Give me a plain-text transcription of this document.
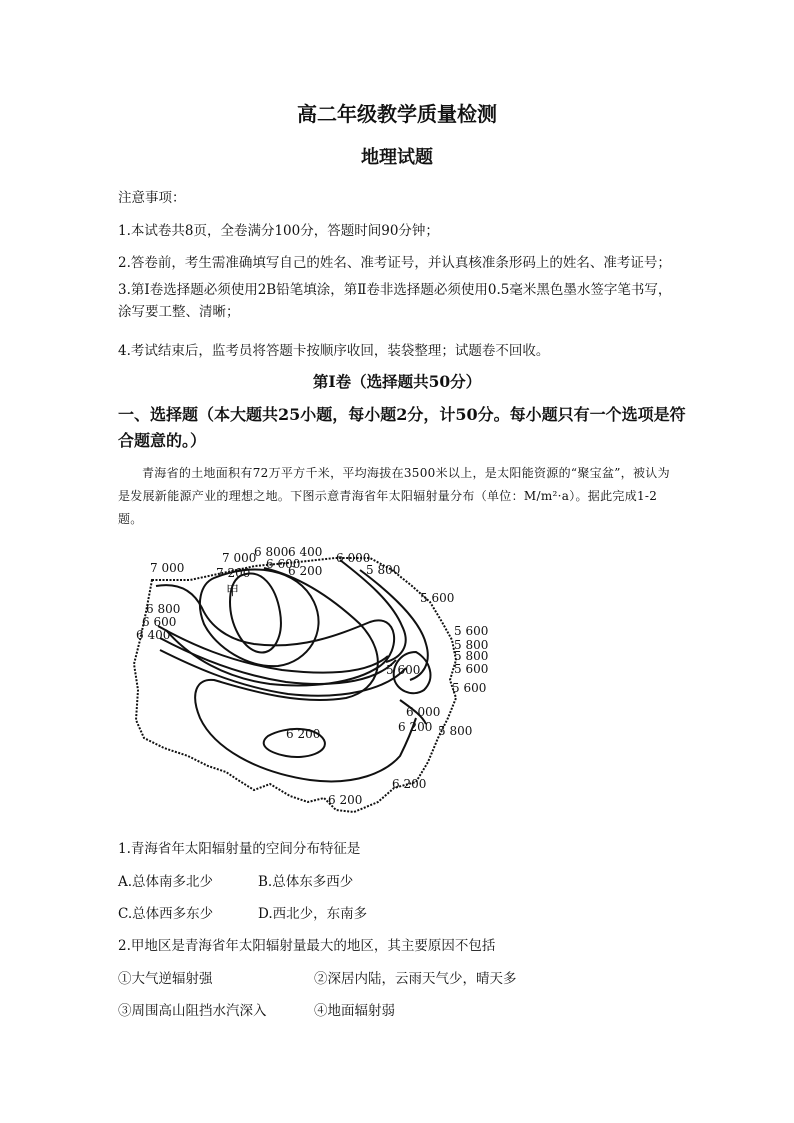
高二年级教学质量检测
地理试题
注意事项：
1.本试卷共8页，全卷满分100分，答题时间90分钟；
2.答卷前，考生需准确填写自己的姓名、准考证号，并认真核准条形码上的姓名、准考证号；
3.第Ⅰ卷选择题必须使用2B铅笔填涂，第Ⅱ卷非选择题必须使用0.5毫米黑色墨水签字笔书写，涂写要工整、清晰；
4.考试结束后，监考员将答题卡按顺序收回，装袋整理；试题卷不回收。
第Ⅰ卷（选择题共50分）
一、选择题（本大题共25小题，每小题2分，计50分。每小题只有一个选项是符合题意的。）
青海省的土地面积有72万平方千米，平均海拔在3500米以上，是太阳能资源的“聚宝盆”，被认为是发展新能源产业的理想之地。下图示意青海省年太阳辐射量分布（单位：M/m²·a）。据此完成1-2题。
7 000
7 000
6 800 6 400 6 000
7 200
6 600
6 200	5 800
5 600
6 800
6 600
6 400	5 600
5 800
5 800
5 600
5 600
5 600
6 000
6 200 5 800
6 200
6 200
6 200
甲
1.青海省年太阳辐射量的空间分布特征是
A.总体南多北少	B.总体东多西少
C.总体西多东少	D.西北少，东南多
2.甲地区是青海省年太阳辐射量最大的地区，其主要原因不包括
①大气逆辐射强	②深居内陆，云雨天气少，晴天多
③周围高山阻挡水汽深入	④地面辐射弱
